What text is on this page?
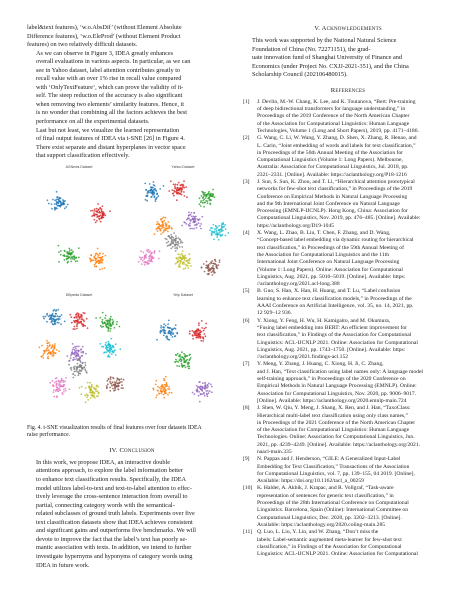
label&text features), ‘w.o.AbsDif’ (without Element Absolute
Difference features), ‘w.o.EleProd’ (without Element Product
features) on two relatively difficult datasets.

As we can observe in Figure 3, IDEA greatly enhances
overall evaluations in various aspects. In particular, as we can
see in Yahoo dataset, label attention contributes greatly to
recall value with an over 1% rise in recall value compared
with ‘OnlyTextFeature’, which can prove the validity of it-
self. The steep reduction of the accuracy is also significant
when removing two elements’ similarity features. Hence, it
is no wonder that combining all the factors achieves the best
performance on all the experimental datasets.

Last but not least, we visualize the learned representation
of final output features of IDEA via t-SNE [26] in Figure 4.
There exist separate and distant hyperplanes in vector space
that support classification effectively.

AGNews Dataset	Yahoo Dataset
DBpedia Dataset	Yelp Dataset

Fig. 4. t-SNE visualization results of final features over four datasets IDEA
raise performance.

IV. Conclusion

In this work, we propose IDEA, an interactive double
attentions approach, to explore the label information better
to enhance text classification results. Specifically, the IDEA
model utilizes label-to-text and text-to-label attention to effec-
tively leverage the cross-sentence interaction from overall to
partial, connecting category words with the semantical-
related subclasses of ground truth labels. Experiments over five
text classification datasets show that IDEA achieves consistent
and significant gains and outperforms five benchmarks. We will
devote to improve the fact that the label’s text has poorly se-
mantic association with texts. In addition, we intend to further
investigate hypernyms and hyponyms of category words using
IDEA in future work.

V. Acknowledgements

This work was supported by the National Natural Science
Foundation of China (No. 72271151), the grad-
uate innovation fund of Shanghai University of Finance and
Economics (under Project No. CXJJ-2021-351), and the China
Scholarship Council (202106480015).

References
[1] J. Devlin, M.-W. Chang, K. Lee, and K. Toutanova, “Bert: Pre-training
of deep bidirectional transformers for language understanding,” in
Proceedings of the 2019 Conference of the North American Chapter
of the Association for Computational Linguistics: Human Language
Technologies, Volume 1 (Long and Short Papers), 2019, pp. 4171–4186.
[2] G. Wang, C. Li, W. Wang, Y. Zhang, D. Shen, X. Zhang, R. Henao, and
L. Carin, “Joint embedding of words and labels for text classification,”
in Proceedings of the 56th Annual Meeting of the Association for
Computational Linguistics (Volume 1: Long Papers). Melbourne,
Australia: Association for Computational Linguistics, Jul. 2018, pp.
2321–2331. [Online]. Available: https://aclanthology.org/P18-1216
[3] J. Sun, S. Sun, K. Zhou, and T. Li, “Hierarchical attention prototypical
networks for few-shot text classification,” in Proceedings of the 2019
Conference on Empirical Methods in Natural Language Processing
and the 9th International Joint Conference on Natural Language
Processing (EMNLP-IJCNLP). Hong Kong, China: Association for
Computational Linguistics, Nov. 2019, pp. 476–485. [Online]. Available:
https://aclanthology.org/D19-1045
[4] X. Wang, L. Zhao, B. Liu, T. Chen, F. Zhang, and D. Wang,
“Concept-based label embedding via dynamic routing for hierarchical
text classification,” in Proceedings of the 59th Annual Meeting of
the Association for Computational Linguistics and the 11th
International Joint Conference on Natural Language Processing
(Volume 1: Long Papers). Online: Association for Computational
Linguistics, Aug. 2021, pp. 5010–5019. [Online]. Available: https:
//aclanthology.org/2021.acl-long.388
[5] B. Guo, S. Han, X. Han, H. Huang, and T. Lu, “Label confusion
learning to enhance text classification models,” in Proceedings of the
AAAI Conference on Artificial Intelligence, vol. 35, no. 14, 2021, pp.
12 929–12 936.
[6] Y. Xiong, Y. Feng, H. Wu, H. Kamigaito, and M. Okumura,
“Fusing label embedding into BERT: An efficient improvement for
text classification,” in Findings of the Association for Computational
Linguistics: ACL-IJCNLP 2021. Online: Association for Computational
Linguistics, Aug. 2021, pp. 1743–1750. [Online]. Available: https:
//aclanthology.org/2021.findings-acl.152
[7] Y. Meng, Y. Zhang, J. Huang, C. Xiong, H. Ji, C. Zhang,
and J. Han, “Text classification using label names only: A language model
self-training approach,” in Proceedings of the 2020 Conference on
Empirical Methods in Natural Language Processing (EMNLP). Online:
Association for Computational Linguistics, Nov. 2020, pp. 9006–9017.
[Online]. Available: https://aclanthology.org/2020.emnlp-main.724
[8] J. Shen, W. Qiu, Y. Meng, J. Shang, X. Ren, and J. Han, “TaxoClass:
Hierarchical multi-label text classification using only class names,”
in Proceedings of the 2021 Conference of the North American Chapter
of the Association for Computational Linguistics: Human Language
Technologies. Online: Association for Computational Linguistics, Jun.
2021, pp. 4239–4249. [Online]. Available: https://aclanthology.org/2021.
naacl-main.335
[9] N. Pappas and J. Henderson, “GILE: A Generalized Input-Label
Embedding for Text Classification,” Transactions of the Association
for Computational Linguistics, vol. 7, pp. 139–155, 04 2019. [Online].
Available: https://doi.org/10.1162/tacl_a_00259
[10] K. Halder, A. Akbik, J. Krapac, and R. Vollgraf, “Task-aware
representation of sentences for generic text classification,” in
Proceedings of the 28th International Conference on Computational
Linguistics. Barcelona, Spain (Online): International Committee on
Computational Linguistics, Dec. 2020, pp. 3202–3213. [Online].
Available: https://aclanthology.org/2020.coling-main.285
[11] Q. Luo, L. Liu, Y. Lin, and W. Zhang, “Don’t miss the
labels: Label-semantic augmented meta-learner for few-shot text
classification,” in Findings of the Association for Computational
Linguistics: ACL-IJCNLP 2021. Online: Association for Computational
